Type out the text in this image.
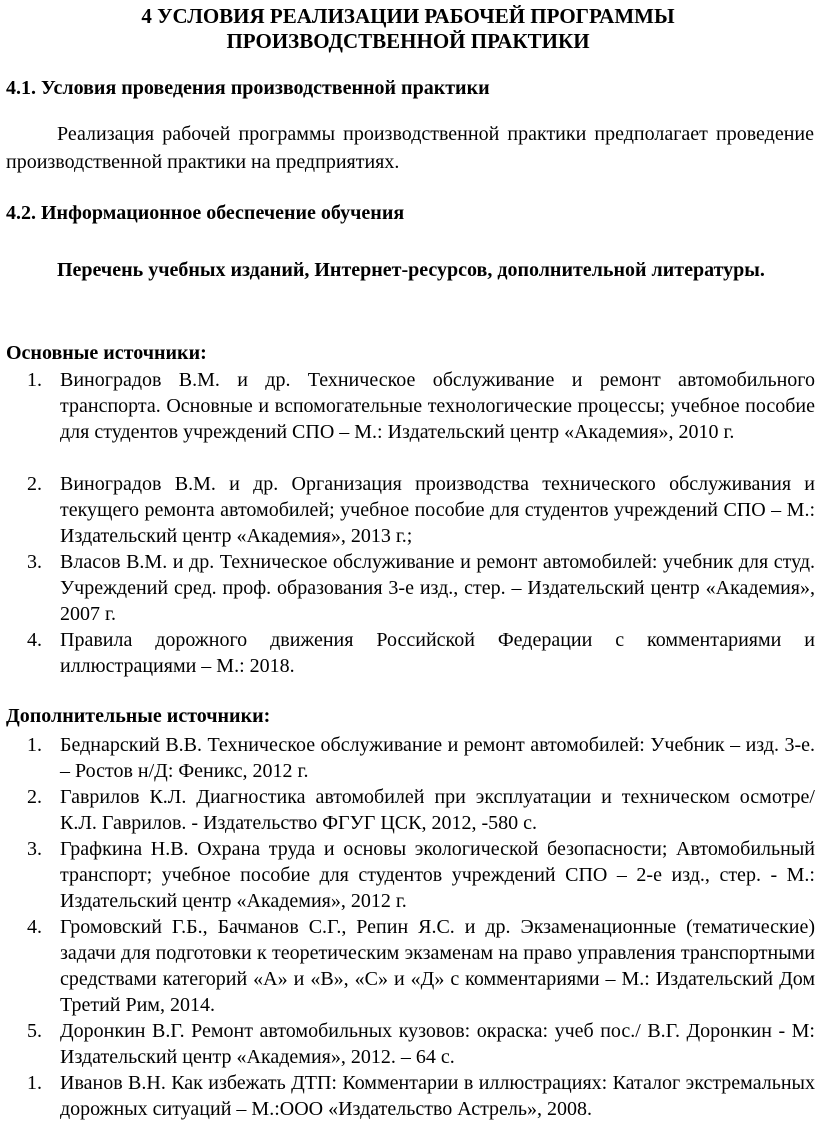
4 УСЛОВИЯ РЕАЛИЗАЦИИ РАБОЧЕЙ ПРОГРАММЫ
ПРОИЗВОДСТВЕННОЙ ПРАКТИКИ
4.1. Условия проведения производственной практики
Реализация рабочей программы производственной практики предполагает проведение производственной практики на предприятиях.
4.2. Информационное обеспечение обучения
Перечень учебных изданий, Интернет-ресурсов, дополнительной литературы.
Основные источники:
1. Виноградов В.М. и др. Техническое обслуживание и ремонт автомобильного транспорта. Основные и вспомогательные технологические процессы; учебное пособие для студентов учреждений СПО – М.: Издательский центр «Академия», 2010 г.
2. Виноградов В.М. и др. Организация производства технического обслуживания и текущего ремонта автомобилей; учебное пособие для студентов учреждений СПО – М.: Издательский центр «Академия», 2013 г.;
3. Власов В.М. и др. Техническое обслуживание и ремонт автомобилей: учебник для студ. Учреждений сред. проф. образования 3-е изд., стер. – Издательский центр «Академия», 2007 г.
4. Правила дорожного движения Российской Федерации с комментариями и иллюстрациями – М.: 2018.
Дополнительные источники:
1. Беднарский В.В. Техническое обслуживание и ремонт автомобилей: Учебник – изд. 3-е. – Ростов н/Д: Феникс, 2012 г.
2. Гаврилов К.Л. Диагностика автомобилей при эксплуатации и техническом осмотре/ К.Л. Гаврилов. - Издательство ФГУГ ЦСК, 2012, -580 с.
3. Графкина Н.В. Охрана труда и основы экологической безопасности; Автомобильный транспорт; учебное пособие для студентов учреждений СПО – 2-е изд., стер. - М.: Издательский центр «Академия», 2012 г.
4. Громовский Г.Б., Бачманов С.Г., Репин Я.С. и др. Экзаменационные (тематические) задачи для подготовки к теоретическим экзаменам на право управления транспортными средствами категорий «А» и «В», «С» и «Д» с комментариями – М.: Издательский Дом Третий Рим, 2014.
5. Доронкин В.Г. Ремонт автомобильных кузовов: окраска: учеб пос./ В.Г. Доронкин - М: Издательский центр «Академия», 2012. – 64 с.
1. Иванов В.Н. Как избежать ДТП: Комментарии в иллюстрациях: Каталог экстремальных дорожных ситуаций – М.:ООО «Издательство Астрель», 2008.
